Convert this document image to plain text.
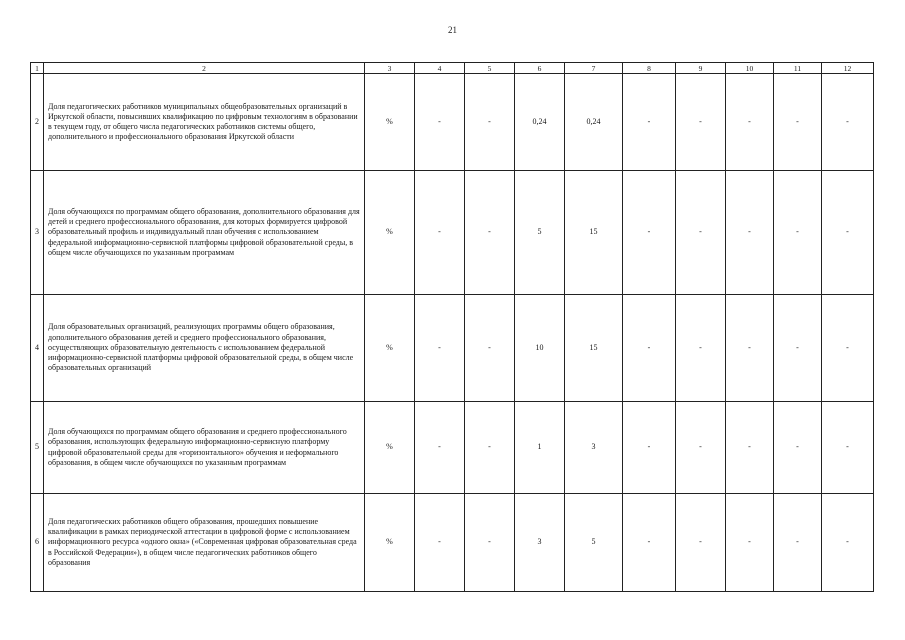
21
1	2	3	4	5	6	7	8	9	10	11	12
2	Доля педагогических работников муниципальных общеобразовательных организаций в Иркутской области, повысивших квалификацию по цифровым технологиям в образовании в текущем году, от общего числа педагогических работников системы общего, дополнительного и профессионального образования Иркутской области	%	-	-	0,24	0,24	-	-	-	-	-
3	Доля обучающихся по программам общего образования, дополнительного образования для детей и среднего профессионального образования, для которых формируется цифровой образовательный профиль и индивидуальный план обучения с использованием федеральной информационно-сервисной платформы цифровой образовательной среды, в общем числе обучающихся по указанным программам	%	-	-	5	15	-	-	-	-	-
4	Доля образовательных организаций, реализующих программы общего образования, дополнительного образования детей и среднего профессионального образования, осуществляющих образовательную деятельность с использованием федеральной информационно-сервисной платформы цифровой образовательной среды, в общем числе образовательных организаций	%	-	-	10	15	-	-	-	-	-
5	Доля обучающихся по программам общего образования и среднего профессионального образования, использующих федеральную информационно-сервисную платформу цифровой образовательной среды для «горизонтального» обучения и неформального образования, в общем числе обучающихся по указанным программам	%	-	-	1	3	-	-	-	-	-
6	Доля педагогических работников общего образования, прошедших повышение квалификации в рамках периодической аттестации в цифровой форме с использованием информационного ресурса «одного окна» («Современная цифровая образовательная среда в Российской Федерации»), в общем числе педагогических работников общего образования	%	-	-	3	5	-	-	-	-	-
